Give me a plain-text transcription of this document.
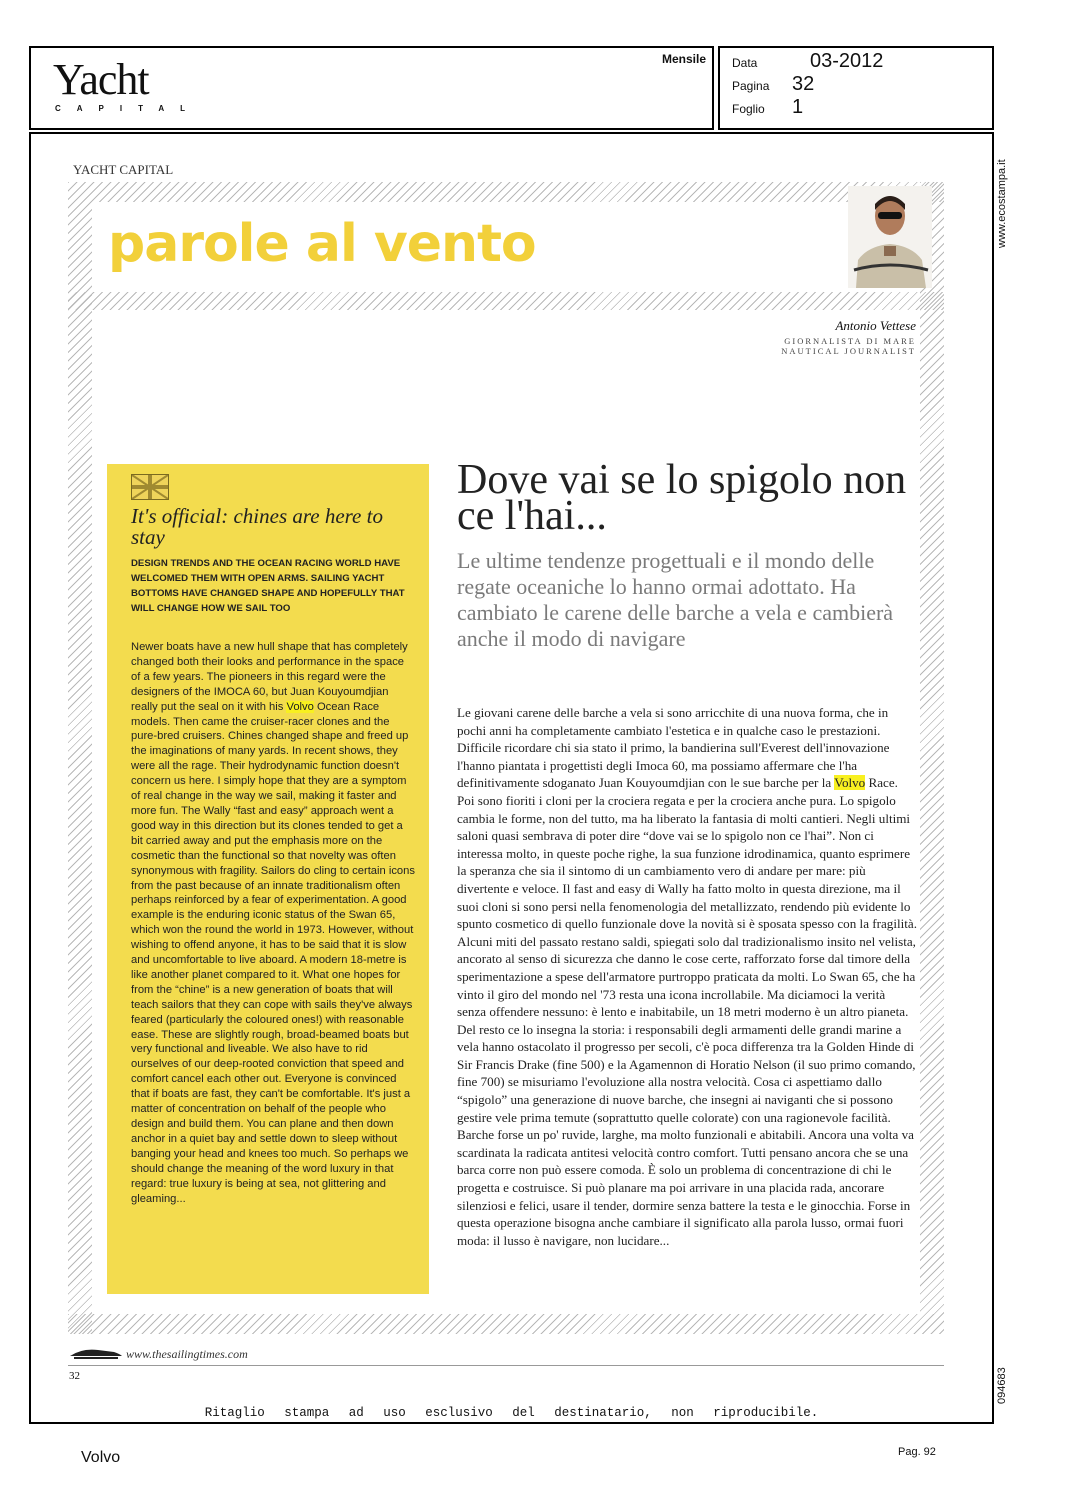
Yacht
CAPITAL
Mensile Data	03-2012
Pagina 32
Foglio 1
www.ecostampa.it
094683
YACHT CAPITAL
parole al vento
Antonio Vettese
GIORNALISTA DI MARE
NAUTICAL JOURNALIST
It's official: chines are here to stay
DESIGN TRENDS AND THE OCEAN RACING WORLD HAVE WELCOMED THEM WITH OPEN ARMS. SAILING YACHT BOTTOMS HAVE CHANGED SHAPE AND HOPEFULLY THAT WILL CHANGE HOW WE SAIL TOO
Newer boats have a new hull shape that has completely changed both their looks and performance in the space of a few years. The pioneers in this regard were the designers of the IMOCA 60, but Juan Kouyoumdjian really put the seal on it with his Volvo Ocean Race models. Then came the cruiser-racer clones and the pure-bred cruisers. Chines changed shape and freed up the imaginations of many yards. In recent shows, they were all the rage. Their hydrodynamic function doesn't concern us here. I simply hope that they are a symptom of real change in the way we sail, making it faster and more fun. The Wally “fast and easy” approach went a good way in this direction but its clones tended to get a bit carried away and put the emphasis more on the cosmetic than the functional so that novelty was often synonymous with fragility. Sailors do cling to certain icons from the past because of an innate traditionalism often perhaps reinforced by a fear of experimentation. A good example is the enduring iconic status of the Swan 65, which won the round the world in 1973. However, without wishing to offend anyone, it has to be said that it is slow and uncomfortable to live aboard. A modern 18-metre is like another planet compared to it. What one hopes for from the “chine” is a new generation of boats that will teach sailors that they can cope with sails they've always feared (particularly the coloured ones!) with reasonable ease. These are slightly rough, broad-beamed boats but very functional and liveable. We also have to rid ourselves of our deep-rooted conviction that speed and comfort cancel each other out. Everyone is convinced that if boats are fast, they can't be comfortable. It's just a matter of concentration on behalf of the people who design and build them. You can plane and then down anchor in a quiet bay and settle down to sleep without banging your head and knees too much. So perhaps we should change the meaning of the word luxury in that regard: true luxury is being at sea, not glittering and gleaming...
Dove vai se lo spigolo non ce l'hai...
Le ultime tendenze progettuali e il mondo delle regate oceaniche lo hanno ormai adottato. Ha cambiato le carene delle barche a vela e cambierà anche il modo di navigare
Le giovani carene delle barche a vela si sono arricchite di una nuova forma, che in pochi anni ha completamente cambiato l'estetica e in qualche caso le prestazioni. Difficile ricordare chi sia stato il primo, la bandierina sull'Everest dell'innovazione l'hanno piantata i progettisti degli Imoca 60, ma possiamo affermare che l'ha definitivamente sdoganato Juan Kouyoumdjian con le sue barche per la Volvo Race. Poi sono fioriti i cloni per la crociera regata e per la crociera anche pura. Lo spigolo cambia le forme, non del tutto, ma ha liberato la fantasia di molti cantieri. Negli ultimi saloni quasi sembrava di poter dire “dove vai se lo spigolo non ce l'hai”. Non ci interessa molto, in queste poche righe, la sua funzione idrodinamica, quanto esprimere la speranza che sia il sintomo di un cambiamento vero di andare per mare: più divertente e veloce. Il fast and easy di Wally ha fatto molto in questa direzione, ma il suoi cloni si sono persi nella fenomenologia del metallizzato, rendendo più evidente lo spunto cosmetico di quello funzionale dove la novità si è sposata spesso con la fragilità. Alcuni miti del passato restano saldi, spiegati solo dal tradizionalismo insito nel velista, ancorato al senso di sicurezza che danno le cose certe, rafforzato forse dal timore della sperimentazione a spese dell'armatore purtroppo praticata da molti. Lo Swan 65, che ha vinto il giro del mondo nel '73 resta una icona incrollabile. Ma diciamoci la verità senza offendere nessuno: è lento e inabitabile, un 18 metri moderno è un altro pianeta. Del resto ce lo insegna la storia: i responsabili degli armamenti delle grandi marine a vela hanno ostacolato il progresso per secoli, c'è poca differenza tra la Golden Hinde di Sir Francis Drake (fine 500) e la Agamennon di Horatio Nelson (il suo primo comando, fine 700) se misuriamo l'evoluzione alla nostra velocità. Cosa ci aspettiamo dallo “spigolo” una generazione di nuove barche, che insegni ai naviganti che si possono gestire vele prima temute (soprattutto quelle colorate) con una ragionevole facilità. Barche forse un po' ruvide, larghe, ma molto funzionali e abitabili. Ancora una volta va scardinata la radicata antitesi velocità contro comfort. Tutti pensano ancora che se una barca corre non può essere comoda. È solo un problema di concentrazione di chi le progetta e costruisce. Si può planare ma poi arrivare in una placida rada, ancorare silenziosi e felici, usare il tender, dormire senza battere la testa e le ginocchia. Forse in questa operazione bisogna anche cambiare il significato alla parola lusso, ormai fuori moda: il lusso è navigare, non lucidare...
www.thesailingtimes.com
32
Ritaglio stampa ad uso esclusivo del destinatario, non riproducibile.
Volvo	Pag. 92
